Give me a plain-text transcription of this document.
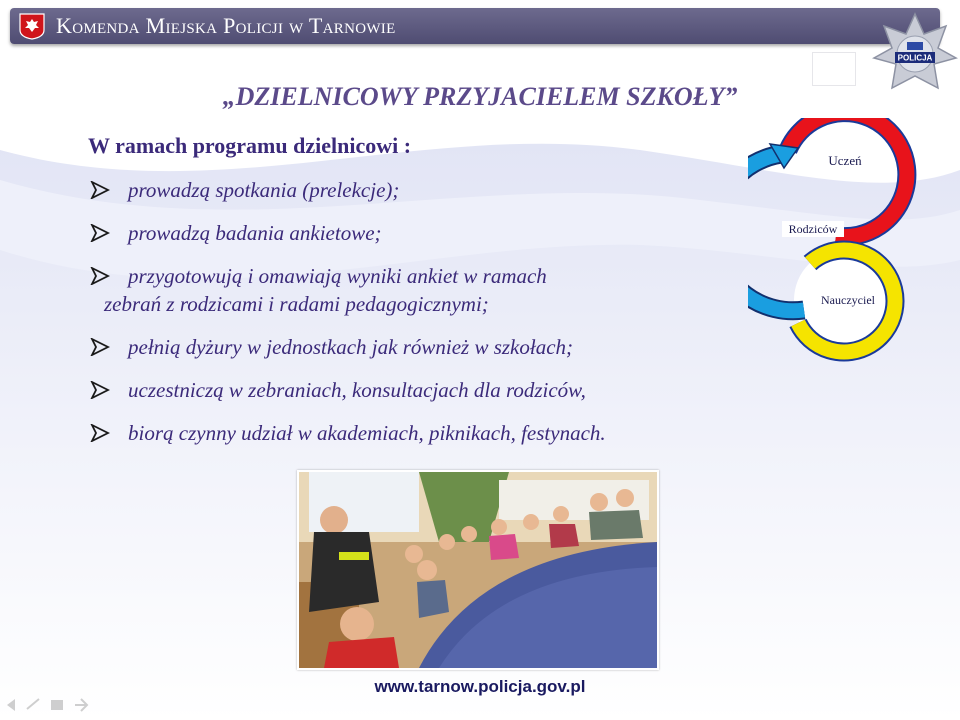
Komenda Miejska Policji w Tarnowie
POLICJA
„DZIELNICOWY PRZYJACIELEM SZKOŁY”
W ramach programu dzielnicowi :
prowadzą spotkania (prelekcje);
prowadzą badania ankietowe;
przygotowują i omawiają wyniki ankiet w ramach
zebrań z rodzicami i radami pedagogicznymi;
pełnią dyżury w jednostkach jak również w szkołach;
uczestniczą w zebraniach, konsultacjach dla rodziców,
biorą czynny udział w akademiach, piknikach, festynach.
Uczeń
Nauczyciel
Rodziców
www.tarnow.policja.gov.pl
